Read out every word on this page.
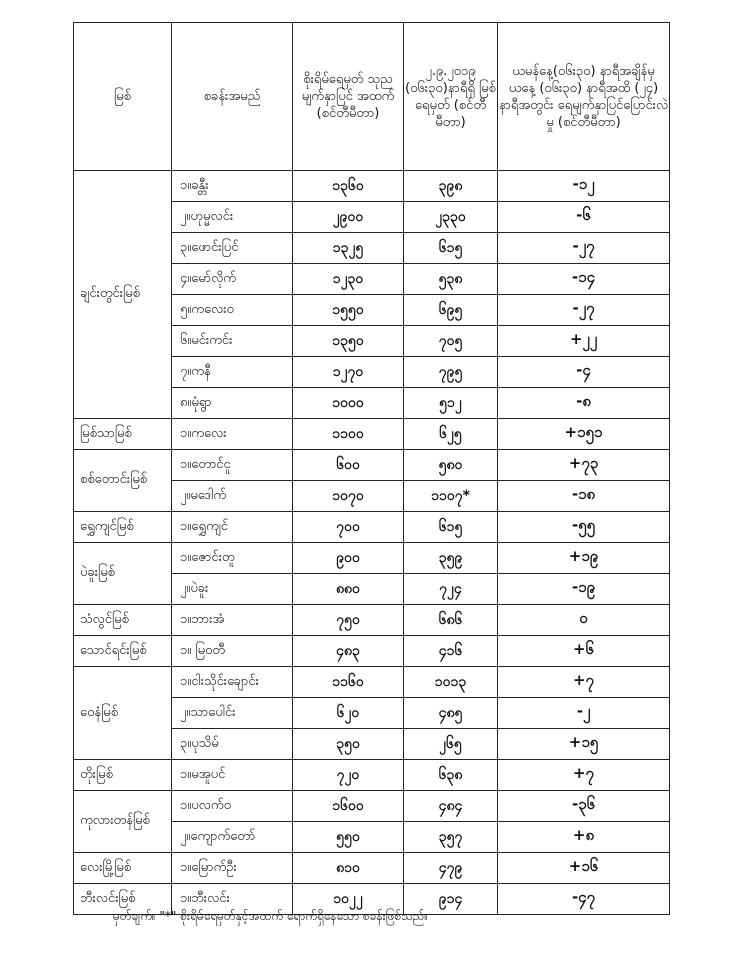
မြစ်	စခန်းအမည်	စိုးရိမ်ရေမှတ် သုညမျက်နှာပြင် အထက် (စင်တီမီတာ)	၂.၉.၂၀၁၉ (၀၆း၃၀)နာရီရှိ မြစ်ရေမှတ် (စင်တီမီတာ)	ယမန်နေ့(၀၆း၃၀) နာရီအချိန်မှ ယနေ့ (၀၆း၃၀) နာရီအထိ (၂၄) နာရီအတွင်း ရေမျက်နှာပြင်ပြောင်းလဲမှု (စင်တီမီတာ)
ချင်းတွင်းမြစ်	၁။ခန္တီး	၁၃၆၀	၃၉၈	-၁၂
	၂။ဟုမ္မလင်း	၂၉၀၀	၂၃၃၀	-၆
	၃။ဖောင်းပြင်	၁၃၂၅	၆၁၅	-၂၇
	၄။မော်လိုက်	၁၂၃၀	၅၃၈	-၁၄
	၅။ကလေးဝ	၁၅၅၀	၆၉၅	-၂၇
	၆။မင်းကင်း	၁၃၅၀	၇၀၅	+၂၂
	၇။ကနီ	၁၂၇၀	၇၉၅	-၄
	၈။မုံရွာ	၁၀၀၀	၅၁၂	-၈
မြစ်သာမြစ်	၁။ကလေး	၁၁၀၀	၆၂၅	+၁၅၁
စစ်တောင်းမြစ်	၁။တောင်ငူ	၆၀၀	၅၈၀	+၇၃
	၂။မဒေါက်	၁၀၇၀	၁၁၀၇*	-၁၈
ရွှေကျင်မြစ်	၁။ရွှေကျင်	၇၀၀	၆၁၅	-၅၅
ပဲခူးမြစ်	၁။ဇောင်းတူ	၉၀၀	၃၅၉	+၁၉
	၂။ပဲခူး	၈၈၀	၇၂၄	-၁၉
သံလွင်မြစ်	၁။ဘားအံ	၇၅၀	၆၈၆	၀
သောင်ရင်းမြစ်	၁။ မြဝတီ	၄၈၃	၄၁၆	+၆
ဝေနံမြစ်	၁။ငါးသိုင်းချောင်း	၁၁၆၀	၁၀၁၃	+၇
	၂။သာပေါင်း	၆၂၀	၄၈၅	-၂
	၃။ပုသိမ်	၃၅၀	၂၆၅	+၁၅
တိုးမြစ်	၁။မအူပင်	၇၂၀	၆၃၈	+၇
ကုလားတန်မြစ်	၁။ပလက်ဝ	၁၆၀၀	၄၈၄	-၃၆
	၂။ကျောက်တော်	၅၅၀	၃၅၇	+၈
လေးမြို့မြစ်	၁။မြောက်ဦး	၈၁၀	၄၇၉	+၁၆
ဘီးလင်းမြစ်	၁။ဘီးလင်း	၁၀၂၂	၉၁၄	-၄၇
မှတ်ချက်။ "*" စိုးရိမ်ရေမှတ်နှင့်အထက် ရောက်ရှိနေသော စခန်းဖြစ်သည်။
